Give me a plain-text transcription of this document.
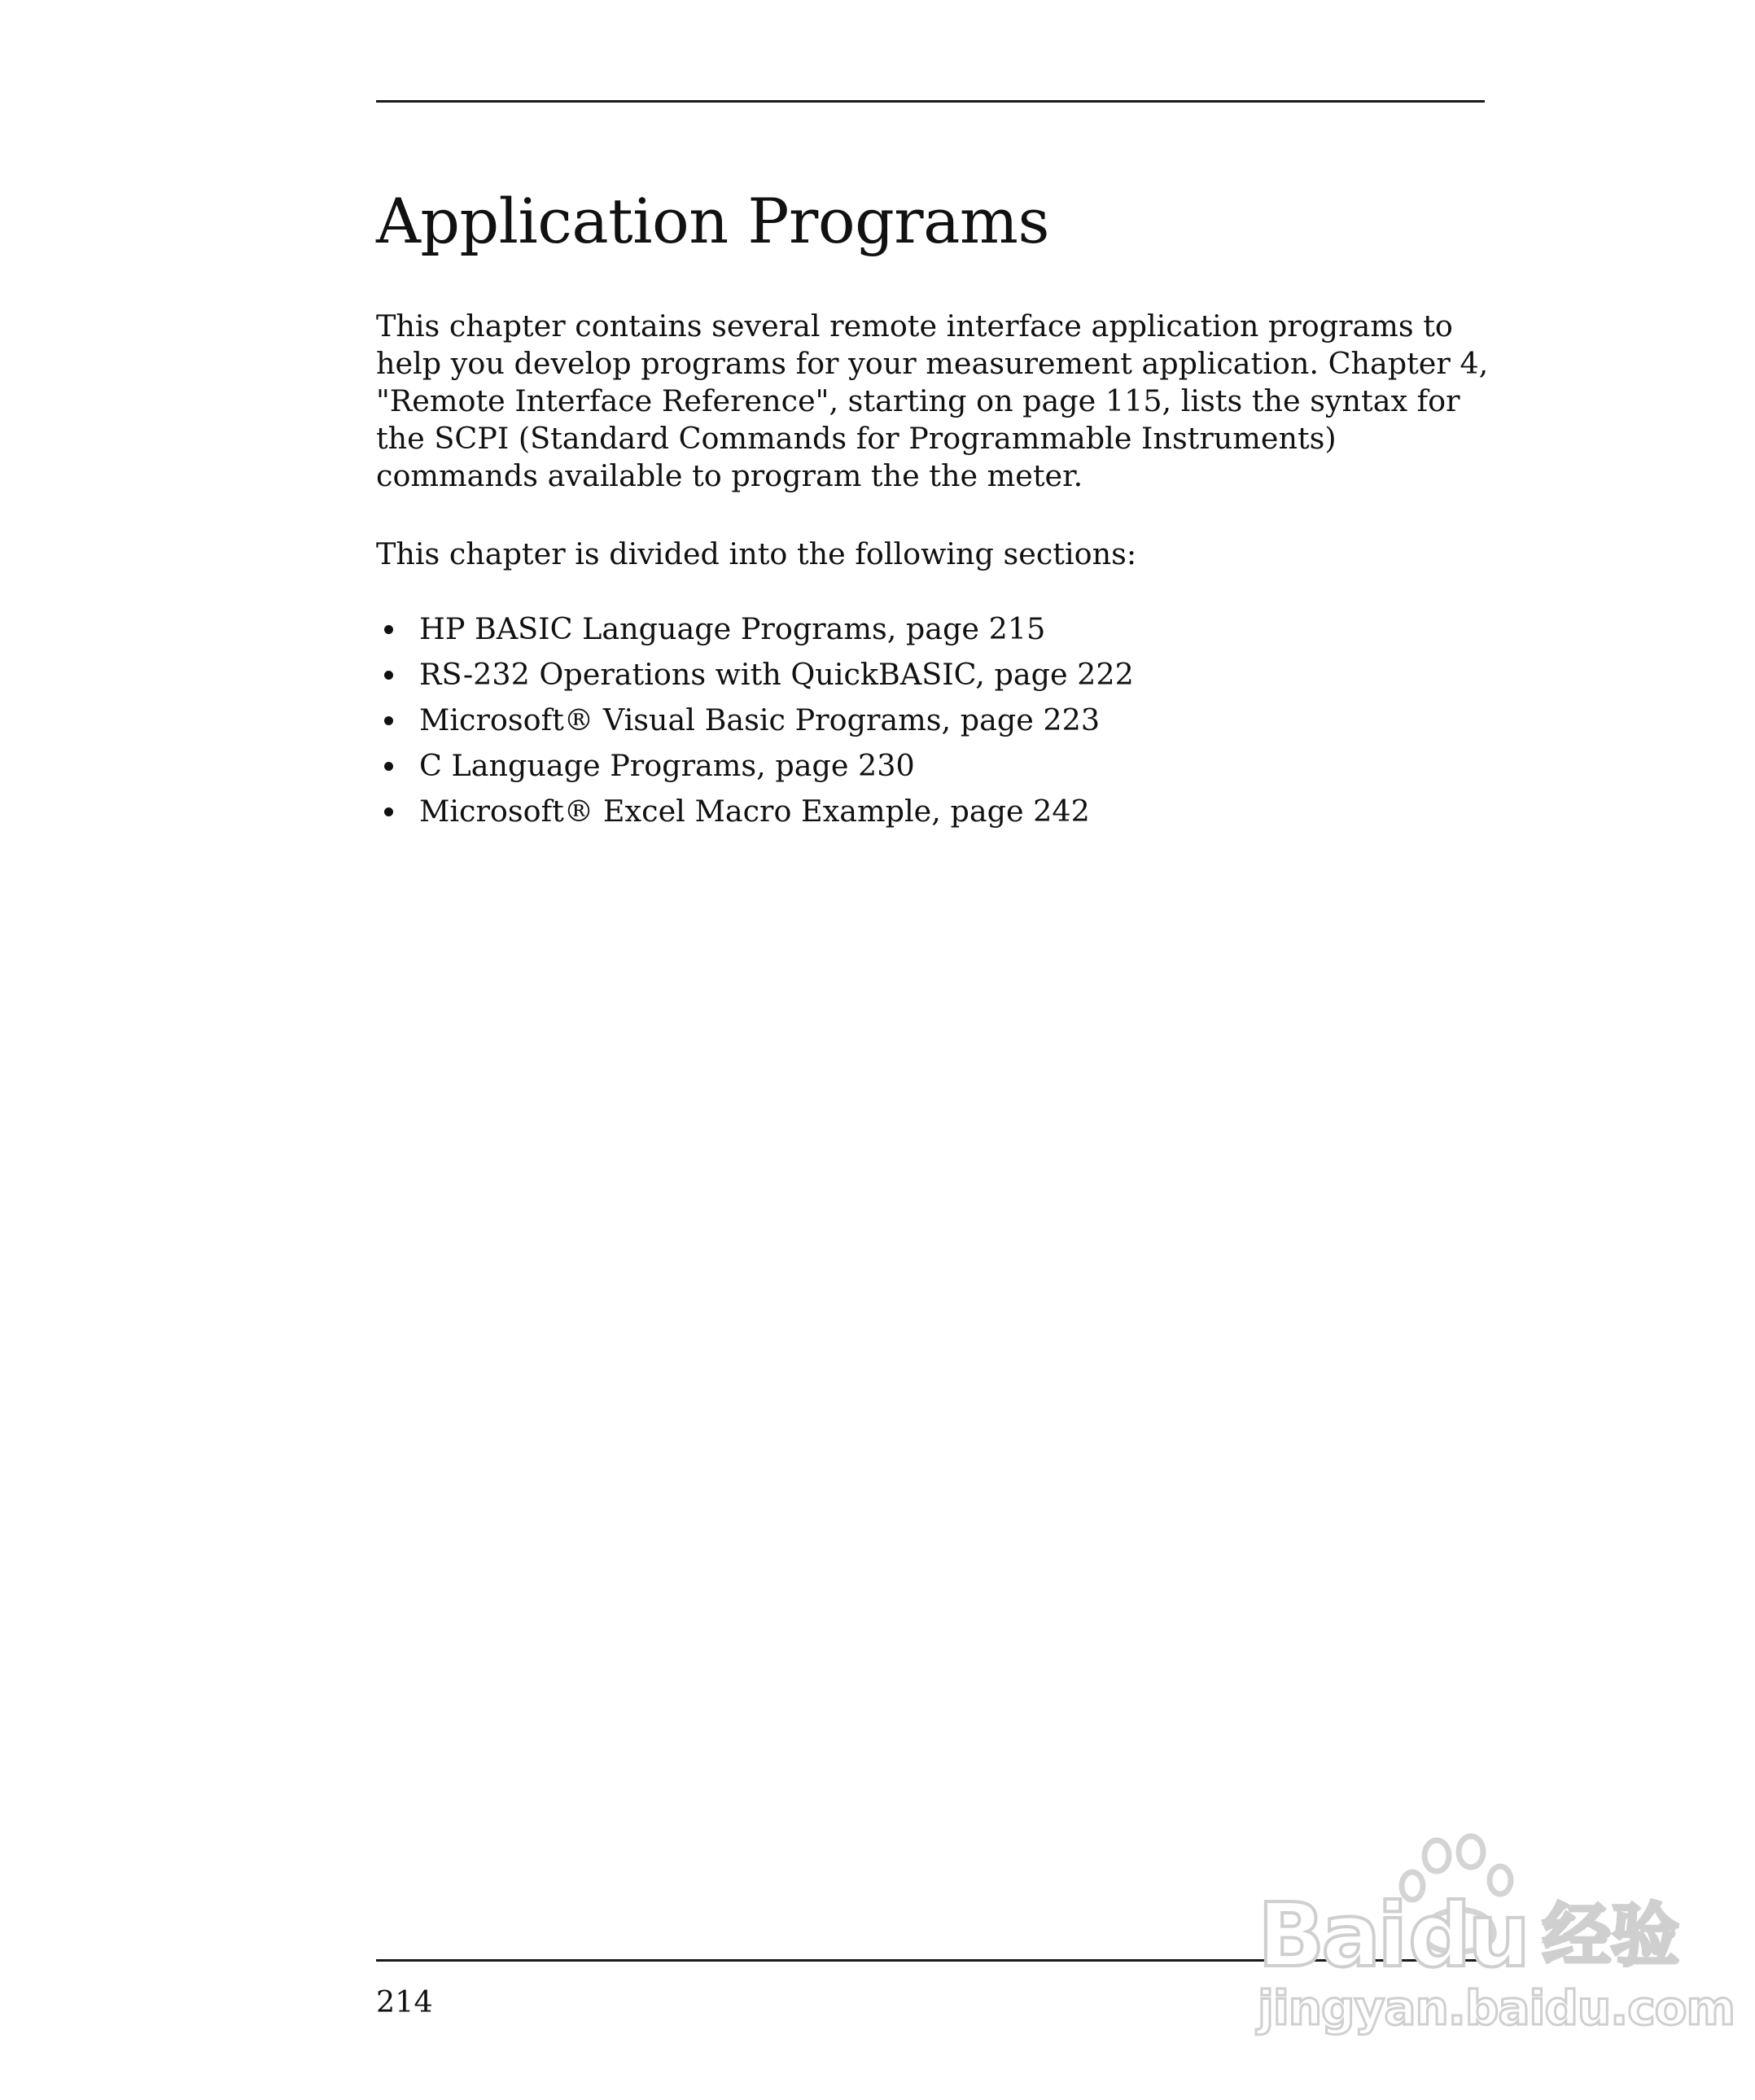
Application Programs

This chapter contains several remote interface application programs to
help you develop programs for your measurement application. Chapter 4,
"Remote Interface Reference", starting on page 115, lists the syntax for
the SCPI (Standard Commands for Programmable Instruments)
commands available to program the the meter.

This chapter is divided into the following sections:

HP BASIC Language Programs, page 215
RS-232 Operations with QuickBASIC, page 222
Microsoft® Visual Basic Programs, page 223
C Language Programs, page 230
Microsoft® Excel Macro Example, page 242
214
Bai du 经验
jingyan.baidu.com
